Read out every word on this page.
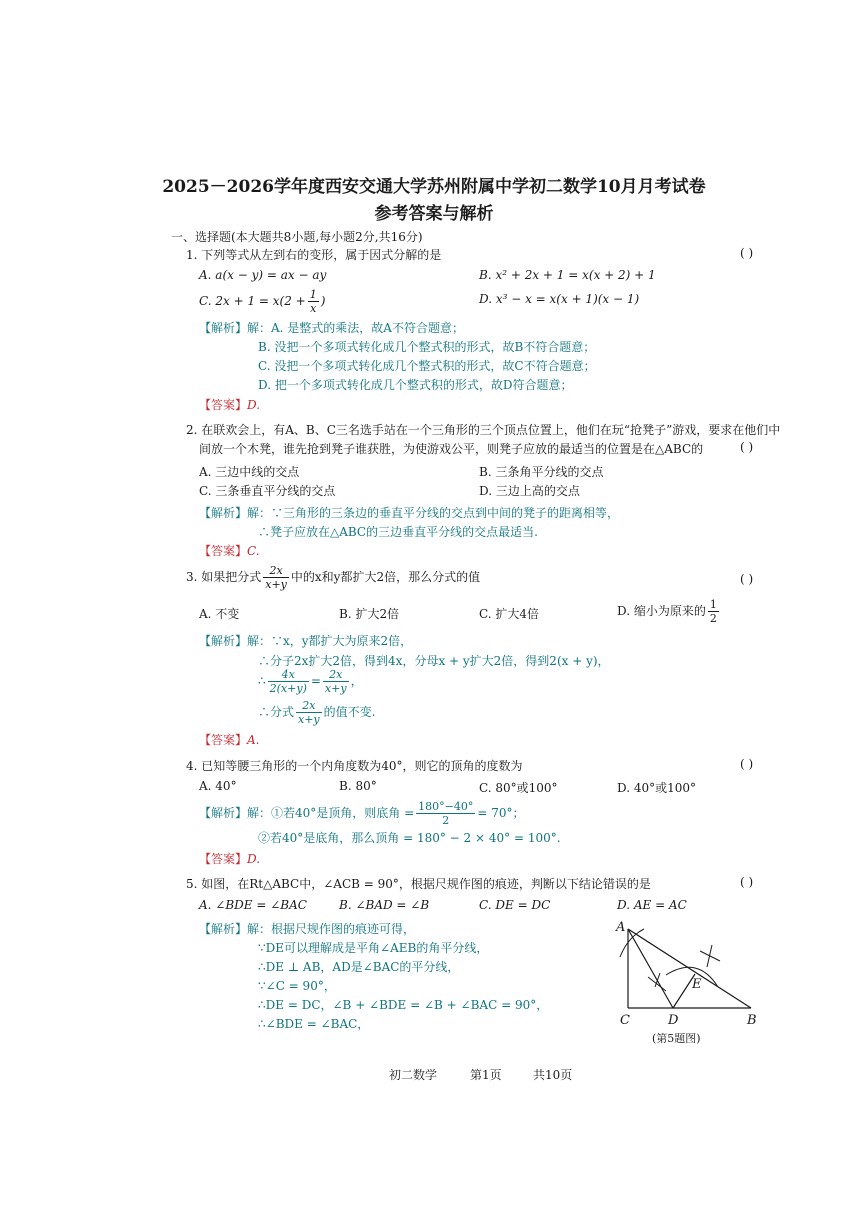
2025－2026学年度西安交通大学苏州附属中学初二数学10月月考试卷
参考答案与解析
一、选择题(本大题共8小题,每小题2分,共16分)
1. 下列等式从左到右的变形，属于因式分解的是	( )
A. a(x − y) = ax − ay	B. x² + 2x + 1 = x(x + 2) + 1
C. $2x + 1 = x(2 + \frac{1}{x}$ )	D. x³ − x = x(x + 1)(x − 1)
【解析】解：A. 是整式的乘法，故A不符合题意；
B. 没把一个多项式转化成几个整式积的形式，故B不符合题意；
C. 没把一个多项式转化成几个整式积的形式，故C不符合题意；
D. 把一个多项式转化成几个整式积的形式，故D符合题意；
【答案】D.
2. 在联欢会上，有A、B、C三名选手站在一个三角形的三个顶点位置上，他们在玩“抢凳子”游戏，要求在他们中
间放一个木凳，谁先抢到凳子谁获胜，为使游戏公平，则凳子应放的最适当的位置是在△ABC的	( )
A. 三边中线的交点	B. 三条角平分线的交点
C. 三条垂直平分线的交点	D. 三边上高的交点
【解析】解：∵三角形的三条边的垂直平分线的交点到中间的凳子的距离相等，
∴凳子应放在△ABC的三边垂直平分线的交点最适当.
【答案】C.
3. 如果把分式 $\frac{2x}{x+y}$ 中的x和y都扩大2倍，那么分式的值	( )
A. 不变	B. 扩大2倍	C. 扩大4倍	D. 缩小为原来的 $\frac{1}{2}$
【解析】解：∵x，y都扩大为原来2倍，
∴分子2x扩大2倍，得到4x，分母x + y扩大2倍，得到2(x + y)，
∴ $\frac{4x}{2(x+y)} = \frac{2x}{x+y}$ ，
∴分式 $\frac{2x}{x+y}$ 的值不变.
【答案】A.
4. 已知等腰三角形的一个内角度数为40°，则它的顶角的度数为	( )
A. 40°	B. 80°	C. 80°或100°	D. 40°或100°
【解析】解：①若40°是顶角，则底角 = $\frac{180^\circ-40^\circ}{2} = 70^\circ$；
②若40°是底角，那么顶角 = 180° − 2 × 40° = 100°.
【答案】D.
5. 如图，在Rt△ABC中，∠ACB = 90°，根据尺规作图的痕迹，判断以下结论错误的是	( )
A. ∠BDE = ∠BAC	B. ∠BAD = ∠B	C. DE = DC	D. AE = AC
【解析】解：根据尺规作图的痕迹可得，
∵DE可以理解成是平角∠AEB的角平分线，
∴DE ⊥ AB，AD是∠BAC的平分线，
∵∠C = 90°，
∴DE = DC，∠B + ∠BDE = ∠B + ∠BAC = 90°，
∴∠BDE = ∠BAC，
A
C	D
E
B
(第5题图)
初二数学	第1页	共10页
